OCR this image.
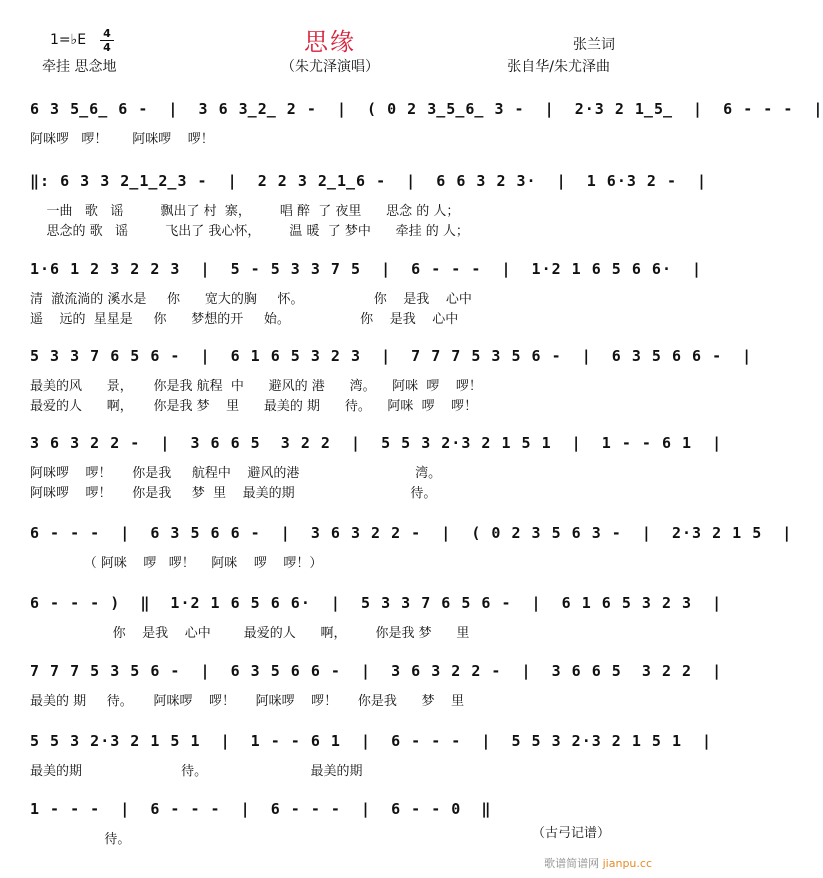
1=♭E 4
4	思缘	张兰词
牵挂 思念地	（朱尤泽演唱）	张自华/朱尤泽曲
6 3 5̲6̲ 6 -  |  3 6 3̲2̲ 2 -  |  ( 0 2 3̲5̲6̲ 3 -  |  2·3 2 1̲5̲  |  6 - - -  |
阿咪啰   啰！      阿咪啰    啰！
‖: 6 3 3 2̲1̲2̲3 -  |  2 2 3 2̲1̲6 -  |  6 6 3 2 3·  |  1 6·3 2 -  |
一曲   歌   谣         飘出了 村  寨，       唱 醉  了 夜里      思念 的 人；
思念的 歌   谣         飞出了 我心怀，       温 暖  了 梦中      牵挂 的 人；
1·6 1 2 3 2 2 3  |  5 - 5 3 3 7 5  |  6 - - -  |  1·2 1 6 5 6 6·  |
清  澈流淌的 溪水是     你      宽大的胸     怀。                 你    是我    心中
遥    远的  星星是     你      梦想的开     始。                 你    是我    心中
5 3 3 7 6 5 6 -  |  6 1 6 5 3 2 3  |  7 7 7 5 3 5 6 -  |  6 3 5 6 6 -  |
最美的风      景，     你是我 航程  中      避风的 港      湾。    阿咪  啰    啰！
最爱的人      啊，     你是我 梦    里      最美的 期      待。    阿咪  啰    啰！
3 6 3 2 2 -  |  3 6 6 5  3 2 2  |  5 5 3 2·3 2 1 5 1  |  1 - - 6 1  |
阿咪啰    啰！     你是我     航程中    避风的港                            湾。
阿咪啰    啰！     你是我     梦  里    最美的期                            待。
6 - - -  |  6 3 5 6 6 -  |  3 6 3 2 2 -  |  ( 0 2 3 5 6 3 -  |  2·3 2 1 5  |
（ 阿咪    啰   啰！    阿咪    啰    啰！）
6 - - - )  ‖  1·2 1 6 5 6 6·  |  5 3 3 7 6 5 6 -  |  6 1 6 5 3 2 3  |
你    是我    心中        最爱的人      啊，       你是我 梦      里
7 7 7 5 3 5 6 -  |  6 3 5 6 6 -  |  3 6 3 2 2 -  |  3 6 6 5  3 2 2  |
最美的 期     待。     阿咪啰    啰！     阿咪啰    啰！     你是我      梦    里
5 5 3 2·3 2 1 5 1  |  1 - - 6 1  |  6 - - -  |  5 5 3 2·3 2 1 5 1  |
最美的期                        待。                         最美的期
1 - - -  |  6 - - -  |  6 - - -  |  6 - - 0  ‖
待。	（古弓记谱）
歌谱简谱网 jianpu.cc
